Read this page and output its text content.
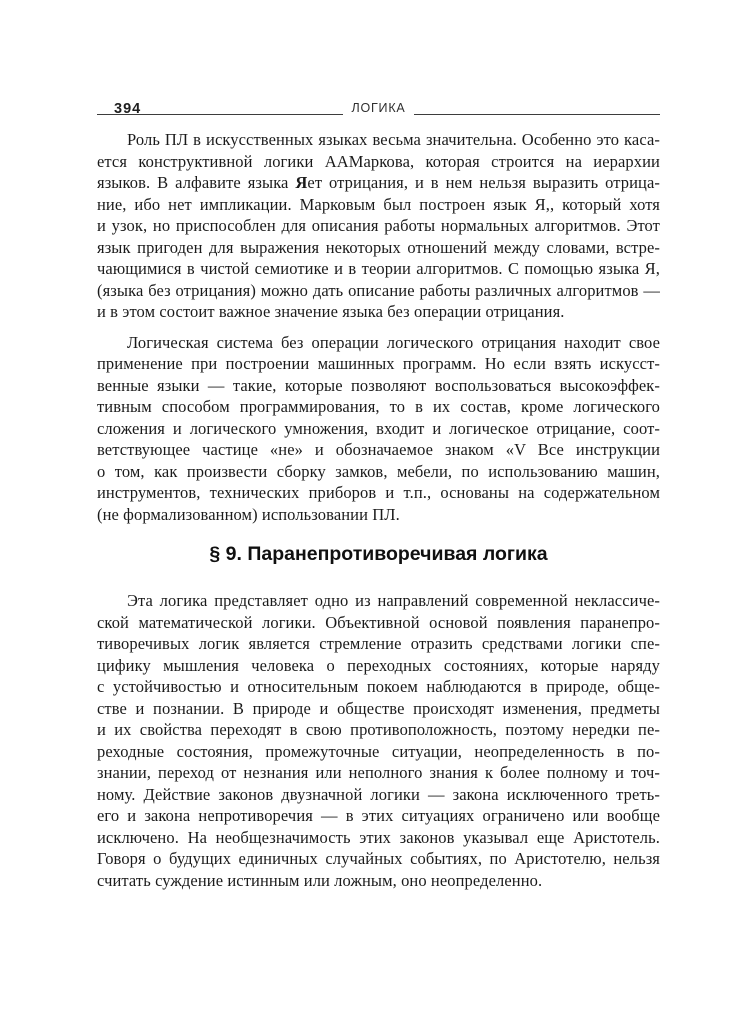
394	ЛОГИКА
Роль ПЛ в искусственных языках весьма значительна. Особенно это каса-
ется конструктивной логики ААМаркова, которая строится на иерархии
языков. В алфавите языка Яет отрицания, и в нем нельзя выразить отрица-
ние, ибо нет импликации. Марковым был построен язык Я,, который хотя
и узок, но приспособлен для описания работы нормальных алгоритмов. Этот
язык пригоден для выражения некоторых отношений между словами, встре-
чающимися в чистой семиотике и в теории алгоритмов. С помощью языка Я,
(языка без отрицания) можно дать описание работы различных алгоритмов —
и в этом состоит важное значение языка без операции отрицания.
Логическая система без операции логического отрицания находит свое
применение при построении машинных программ. Но если взять искусст-
венные языки — такие, которые позволяют воспользоваться высокоэффек-
тивным способом программирования, то в их состав, кроме логического
сложения и логического умножения, входит и логическое отрицание, соот-
ветствующее частице «не» и обозначаемое знаком «V Все инструкции
о том, как произвести сборку замков, мебели, по использованию машин,
инструментов, технических приборов и т.п., основаны на содержательном
(не формализованном) использовании ПЛ.
§ 9. Паранепротиворечивая логика
Эта логика представляет одно из направлений современной неклассиче-
ской математической логики. Объективной основой появления паранепро-
тиворечивых логик является стремление отразить средствами логики спе-
цифику мышления человека о переходных состояниях, которые наряду
с устойчивостью и относительным покоем наблюдаются в природе, обще-
стве и познании. В природе и обществе происходят изменения, предметы
и их свойства переходят в свою противоположность, поэтому нередки пе-
реходные состояния, промежуточные ситуации, неопределенность в по-
знании, переход от незнания или неполного знания к более полному и точ-
ному. Действие законов двузначной логики — закона исключенного треть-
его и закона непротиворечия — в этих ситуациях ограничено или вообще
исключено. На необщезначимость этих законов указывал еще Аристотель.
Говоря о будущих единичных случайных событиях, по Аристотелю, нельзя
считать суждение истинным или ложным, оно неопределенно.
